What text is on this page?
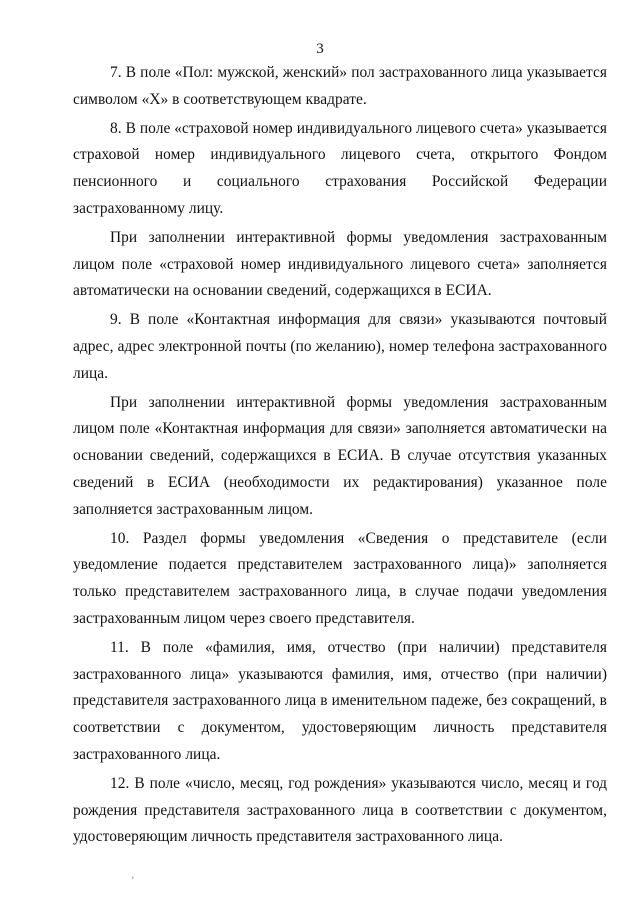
3

7. В поле «Пол: мужской, женский» пол застрахованного лица указывается символом «Х» в соответствующем квадрате.

8. В поле «страховой номер индивидуального лицевого счета» указывается страховой номер индивидуального лицевого счета, открытого Фондом пенсионного и социального страхования Российской Федерации застрахованному лицу.

При заполнении интерактивной формы уведомления застрахованным лицом поле «страховой номер индивидуального лицевого счета» заполняется автоматически на основании сведений, содержащихся в ЕСИА.

9. В поле «Контактная информация для связи» указываются почтовый адрес, адрес электронной почты (по желанию), номер телефона застрахованного лица.

При заполнении интерактивной формы уведомления застрахованным лицом поле «Контактная информация для связи» заполняется автоматически на основании сведений, содержащихся в ЕСИА. В случае отсутствия указанных сведений в ЕСИА (необходимости их редактирования) указанное поле заполняется застрахованным лицом.

10. Раздел формы уведомления «Сведения о представителе (если уведомление подается представителем застрахованного лица)» заполняется только представителем застрахованного лица, в случае подачи уведомления застрахованным лицом через своего представителя.

11. В поле «фамилия, имя, отчество (при наличии) представителя застрахованного лица» указываются фамилия, имя, отчество (при наличии) представителя застрахованного лица в именительном падеже, без сокращений, в соответствии с документом, удостоверяющим личность представителя застрахованного лица.

12. В поле «число, месяц, год рождения» указываются число, месяц и год рождения представителя застрахованного лица в соответствии с документом, удостоверяющим личность представителя застрахованного лица.

›
